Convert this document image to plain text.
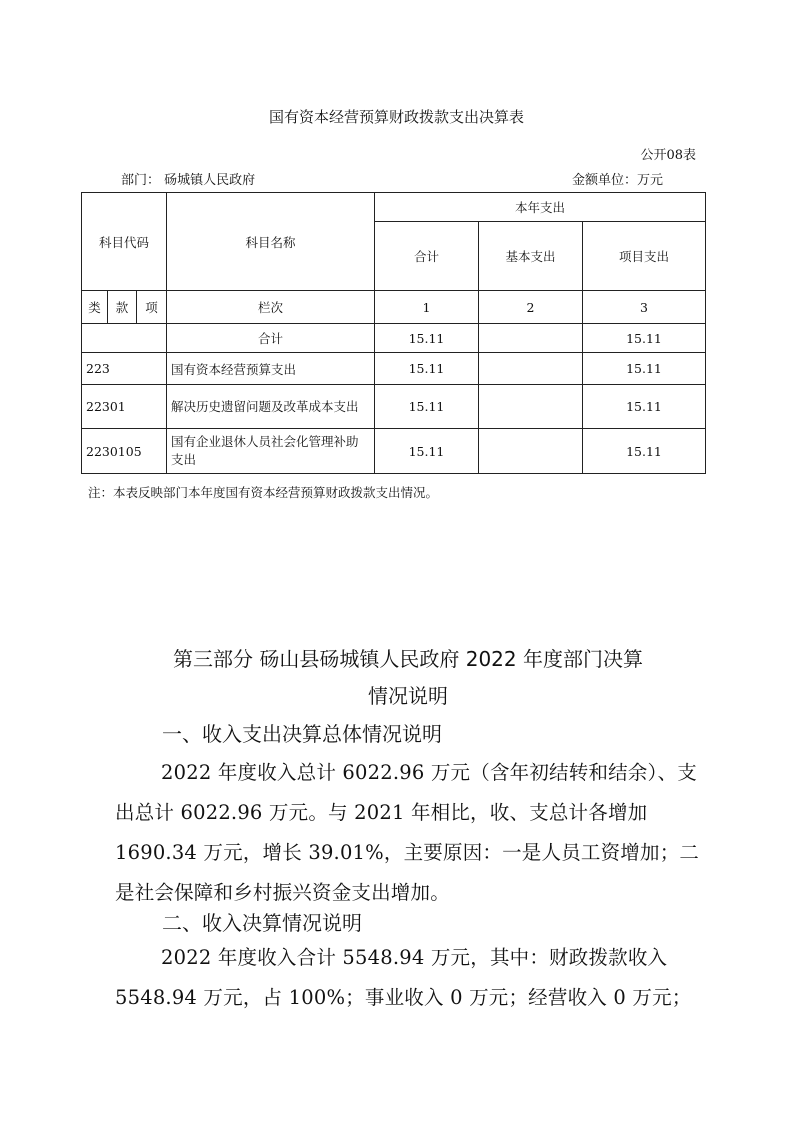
国有资本经营预算财政拨款支出决算表
公开08表
部门： 砀城镇人民政府	金额单位：万元
科目代码			科目名称	本年支出		
				合计	基本支出	项目支出
类	款	项	栏次	1	2	3
			合计	15.11		15.11
223			国有资本经营预算支出	15.11		15.11
22301			解决历史遗留问题及改革成本支出	15.11		15.11
2230105			国有企业退休人员社会化管理补助支出	15.11		15.11
注：本表反映部门本年度国有资本经营预算财政拨款支出情况。
第三部分 砀山县砀城镇人民政府 2022 年度部门决算
情况说明
一、收入支出决算总体情况说明
2022 年度收入总计 6022.96 万元（含年初结转和结余）、支出总计 6022.96 万元。与 2021 年相比，收、支总计各增加 1690.34 万元，增长 39.01%，主要原因：一是人员工资增加；二是社会保障和乡村振兴资金支出增加。
二、收入决算情况说明
2022 年度收入合计 5548.94 万元，其中：财政拨款收入 5548.94 万元，占 100%；事业收入 0 万元；经营收入 0 万元；
